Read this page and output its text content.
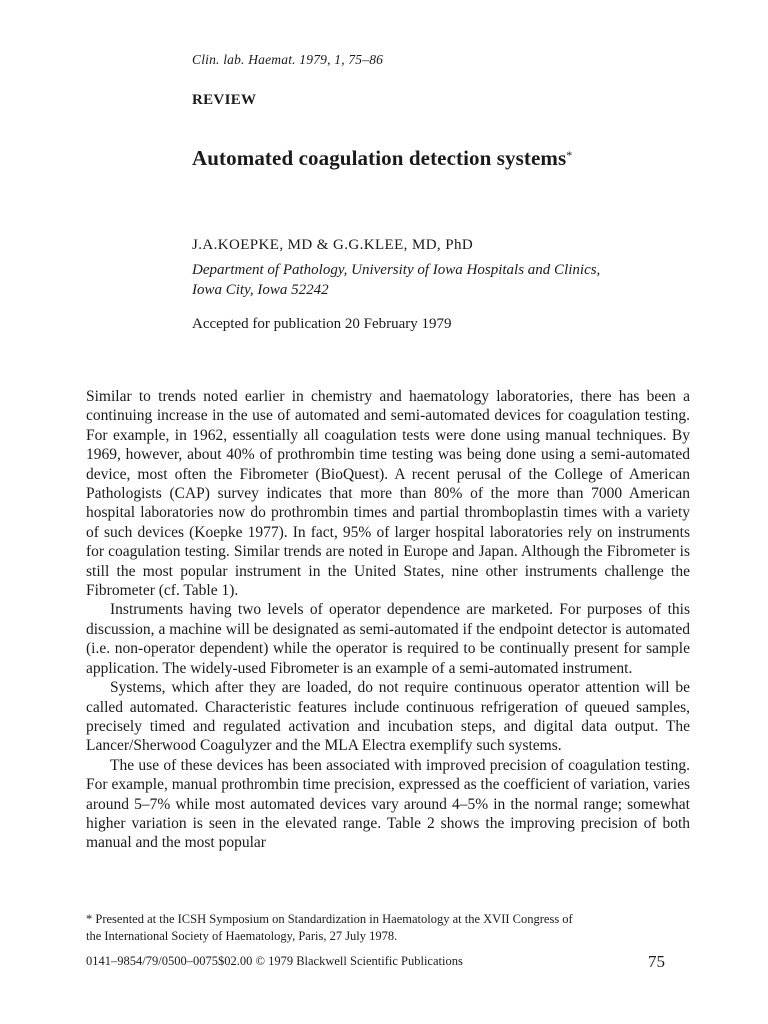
Clin. lab. Haemat. 1979, 1, 75–86
REVIEW
Automated coagulation detection systems*
J.A.KOEPKE, MD & G.G.KLEE, MD, PhD
Department of Pathology, University of Iowa Hospitals and Clinics,
Iowa City, Iowa 52242
Accepted for publication 20 February 1979

Similar to trends noted earlier in chemistry and haematology laboratories, there has been a continuing increase in the use of automated and semi-automated devices for coagulation testing. For example, in 1962, essentially all coagulation tests were done using manual techniques. By 1969, however, about 40% of prothrombin time testing was being done using a semi-automated device, most often the Fibrometer (BioQuest). A recent perusal of the College of American Pathologists (CAP) survey indicates that more than 80% of the more than 7000 American hospital laboratories now do prothrombin times and partial thromboplastin times with a variety of such devices (Koepke 1977). In fact, 95% of larger hospital laboratories rely on instruments for coagulation testing. Similar trends are noted in Europe and Japan. Although the Fibrometer is still the most popular instrument in the United States, nine other instruments challenge the Fibrometer (cf. Table 1).

Instruments having two levels of operator dependence are marketed. For purposes of this discussion, a machine will be designated as semi-automated if the endpoint detector is automated (i.e. non-operator dependent) while the operator is required to be continually present for sample application. The widely-used Fibrometer is an example of a semi-automated instrument.

Systems, which after they are loaded, do not require continuous operator attention will be called automated. Characteristic features include continuous refrigeration of queued samples, precisely timed and regulated activation and incubation steps, and digital data output. The Lancer/Sherwood Coagulyzer and the MLA Electra exemplify such systems.

The use of these devices has been associated with improved precision of coagulation testing. For example, manual prothrombin time precision, expressed as the coefficient of variation, varies around 5–7% while most automated devices vary around 4–5% in the normal range; somewhat higher variation is seen in the elevated range. Table 2 shows the improving precision of both manual and the most popular

* Presented at the ICSH Symposium on Standardization in Haematology at the XVII Congress of

the International Society of Haematology, Paris, 27 July 1978.

0141–9854/79/0500–0075$02.00 © 1979 Blackwell Scientific Publications	75
